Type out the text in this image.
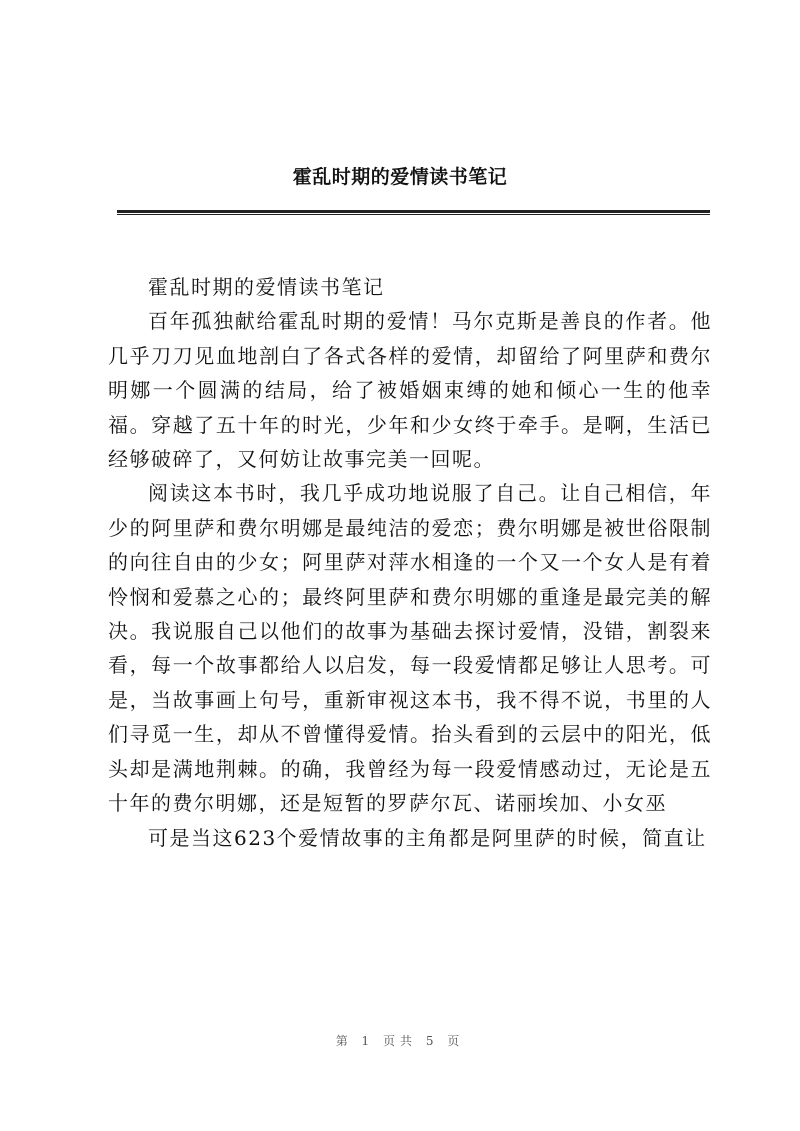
霍乱时期的爱情读书笔记

霍乱时期的爱情读书笔记

百年孤独献给霍乱时期的爱情！马尔克斯是善良的作者。他几乎刀刀见血地剖白了各式各样的爱情，却留给了阿里萨和费尔明娜一个圆满的结局，给了被婚姻束缚的她和倾心一生的他幸福。穿越了五十年的时光，少年和少女终于牵手。是啊，生活已经够破碎了，又何妨让故事完美一回呢。

阅读这本书时，我几乎成功地说服了自己。让自己相信，年少的阿里萨和费尔明娜是最纯洁的爱恋；费尔明娜是被世俗限制的向往自由的少女；阿里萨对萍水相逢的一个又一个女人是有着怜悯和爱慕之心的；最终阿里萨和费尔明娜的重逢是最完美的解决。我说服自己以他们的故事为基础去探讨爱情，没错，割裂来看，每一个故事都给人以启发，每一段爱情都足够让人思考。可是，当故事画上句号，重新审视这本书，我不得不说，书里的人们寻觅一生，却从不曾懂得爱情。抬头看到的云层中的阳光，低头却是满地荆棘。的确，我曾经为每一段爱情感动过，无论是五十年的费尔明娜，还是短暂的罗萨尔瓦、诺丽埃加、小女巫

可是当这623个爱情故事的主角都是阿里萨的时候，简直让

第 1 页共 5 页
